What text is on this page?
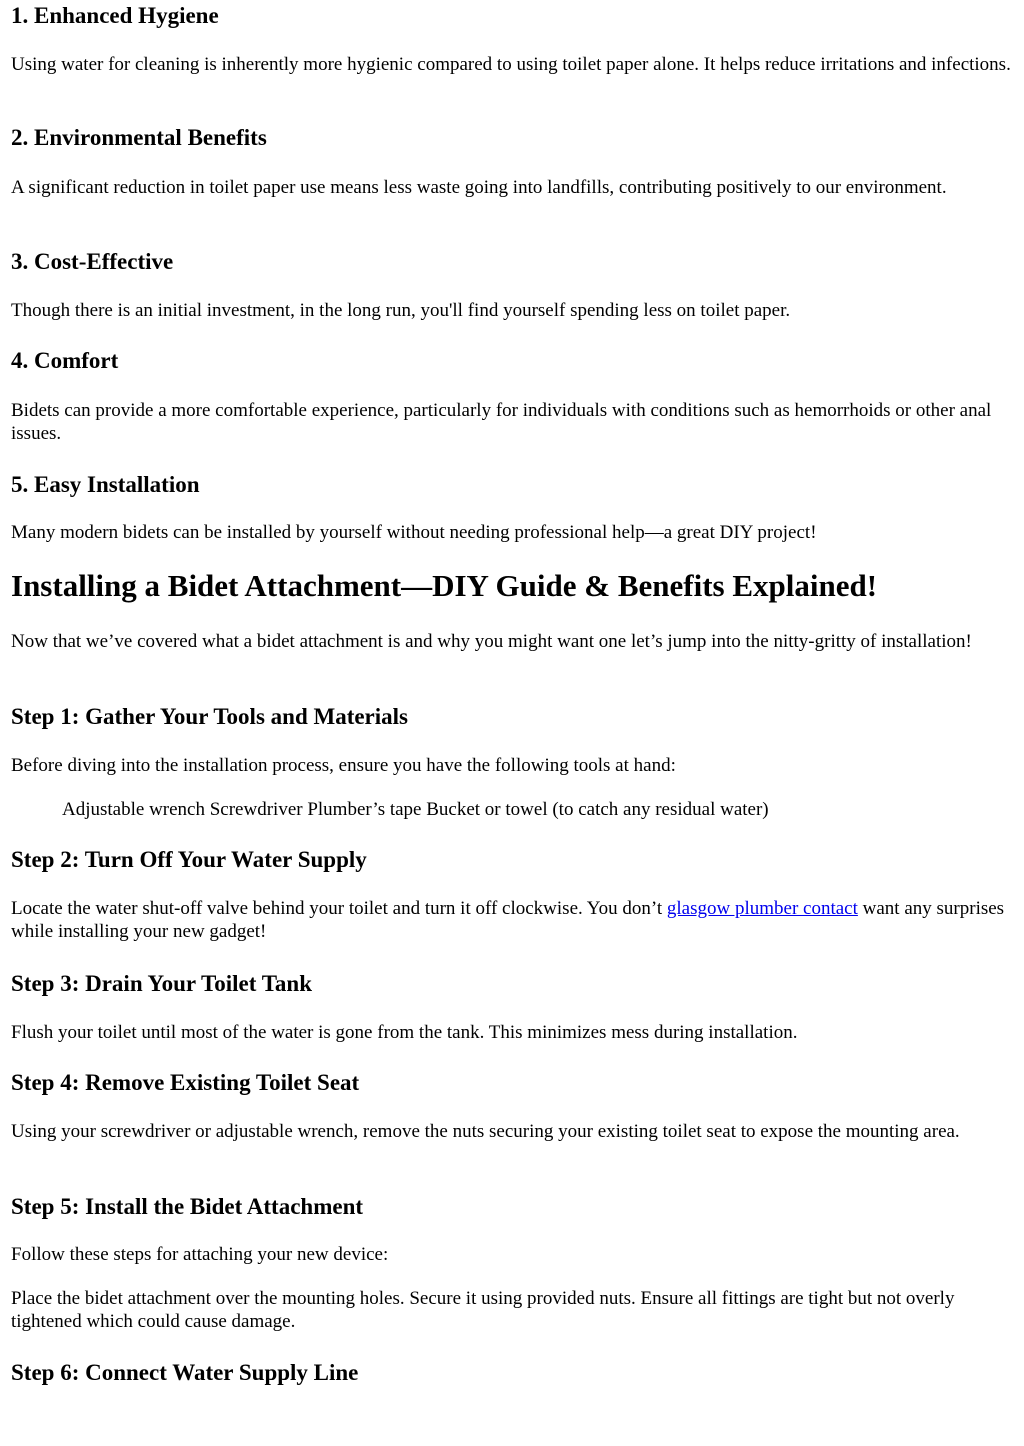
1. Enhanced Hygiene

Using water for cleaning is inherently more hygienic compared to using toilet paper alone. It helps reduce irritations and infections.

2. Environmental Benefits

A significant reduction in toilet paper use means less waste going into landfills, contributing positively to our environment.

3. Cost-Effective

Though there is an initial investment, in the long run, you'll find yourself spending less on toilet paper.

4. Comfort

Bidets can provide a more comfortable experience, particularly for individuals with conditions such as hemorrhoids or other anal issues.

5. Easy Installation

Many modern bidets can be installed by yourself without needing professional help—a great DIY project!

Installing a Bidet Attachment—DIY Guide & Benefits Explained!

Now that we’ve covered what a bidet attachment is and why you might want one let’s jump into the nitty-gritty of installation!

Step 1: Gather Your Tools and Materials

Before diving into the installation process, ensure you have the following tools at hand:

Adjustable wrench Screwdriver Plumber’s tape Bucket or towel (to catch any residual water)

Step 2: Turn Off Your Water Supply

Locate the water shut-off valve behind your toilet and turn it off clockwise. You don’t glasgow plumber contact want any surprises while installing your new gadget!

Step 3: Drain Your Toilet Tank

Flush your toilet until most of the water is gone from the tank. This minimizes mess during installation.

Step 4: Remove Existing Toilet Seat

Using your screwdriver or adjustable wrench, remove the nuts securing your existing toilet seat to expose the mounting area.

Step 5: Install the Bidet Attachment

Follow these steps for attaching your new device:

Place the bidet attachment over the mounting holes. Secure it using provided nuts. Ensure all fittings are tight but not overly tightened which could cause damage.

Step 6: Connect Water Supply Line
